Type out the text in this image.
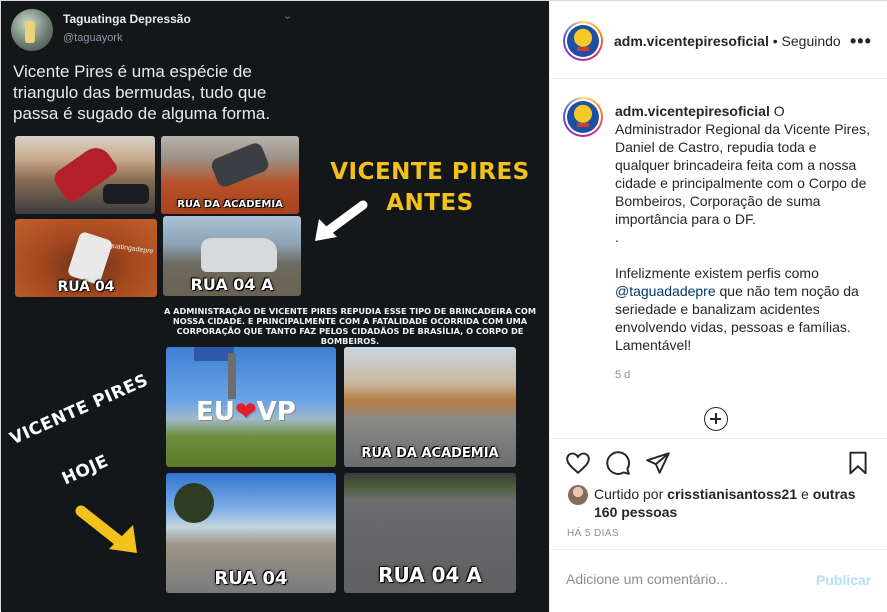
Taguatinga Depressão
@taguayork
⌄
Vicente Pires é uma espécie de triangulo das bermudas, tudo que passa é sugado de alguma forma.
RUA DA ACADEMIA
taguatingadepre
RUA 04	RUA 04 A
VICENTE PIRES
ANTES
A ADMINISTRAÇÃO DE VICENTE PIRES REPUDIA ESSE TIPO DE BRINCADEIRA COM NOSSA CIDADE. E PRINCIPALMENTE COM A FATALIDADE OCORRIDA COM UMA CORPORAÇÃO QUE TANTO FAZ PELOS CIDADÃOS DE BRASÍLIA, O CORPO DE BOMBEIROS.
EU❤VP
RUA DA ACADEMIA
RUA 04	RUA 04 A
VICENTE PIRES
HOJE
adm.vicentepiresoficial • Seguindo •••

adm.vicentepiresoficial O Administrador Regional da Vicente Pires, Daniel de Castro, repudia toda e qualquer brincadeira feita com a nossa cidade e principalmente com o Corpo de Bombeiros, Corporação de suma importância para o DF.

.

Infelizmente existem perfis como @taguadadepre que não tem noção da seriedade e banalizam acidentes envolvendo vidas, pessoas e famílias. Lamentável!

5 d
Curtido por crisstianisantoss21 e outras 160 pessoas
HÁ 5 DIAS
Adicione um comentário...
Publicar
